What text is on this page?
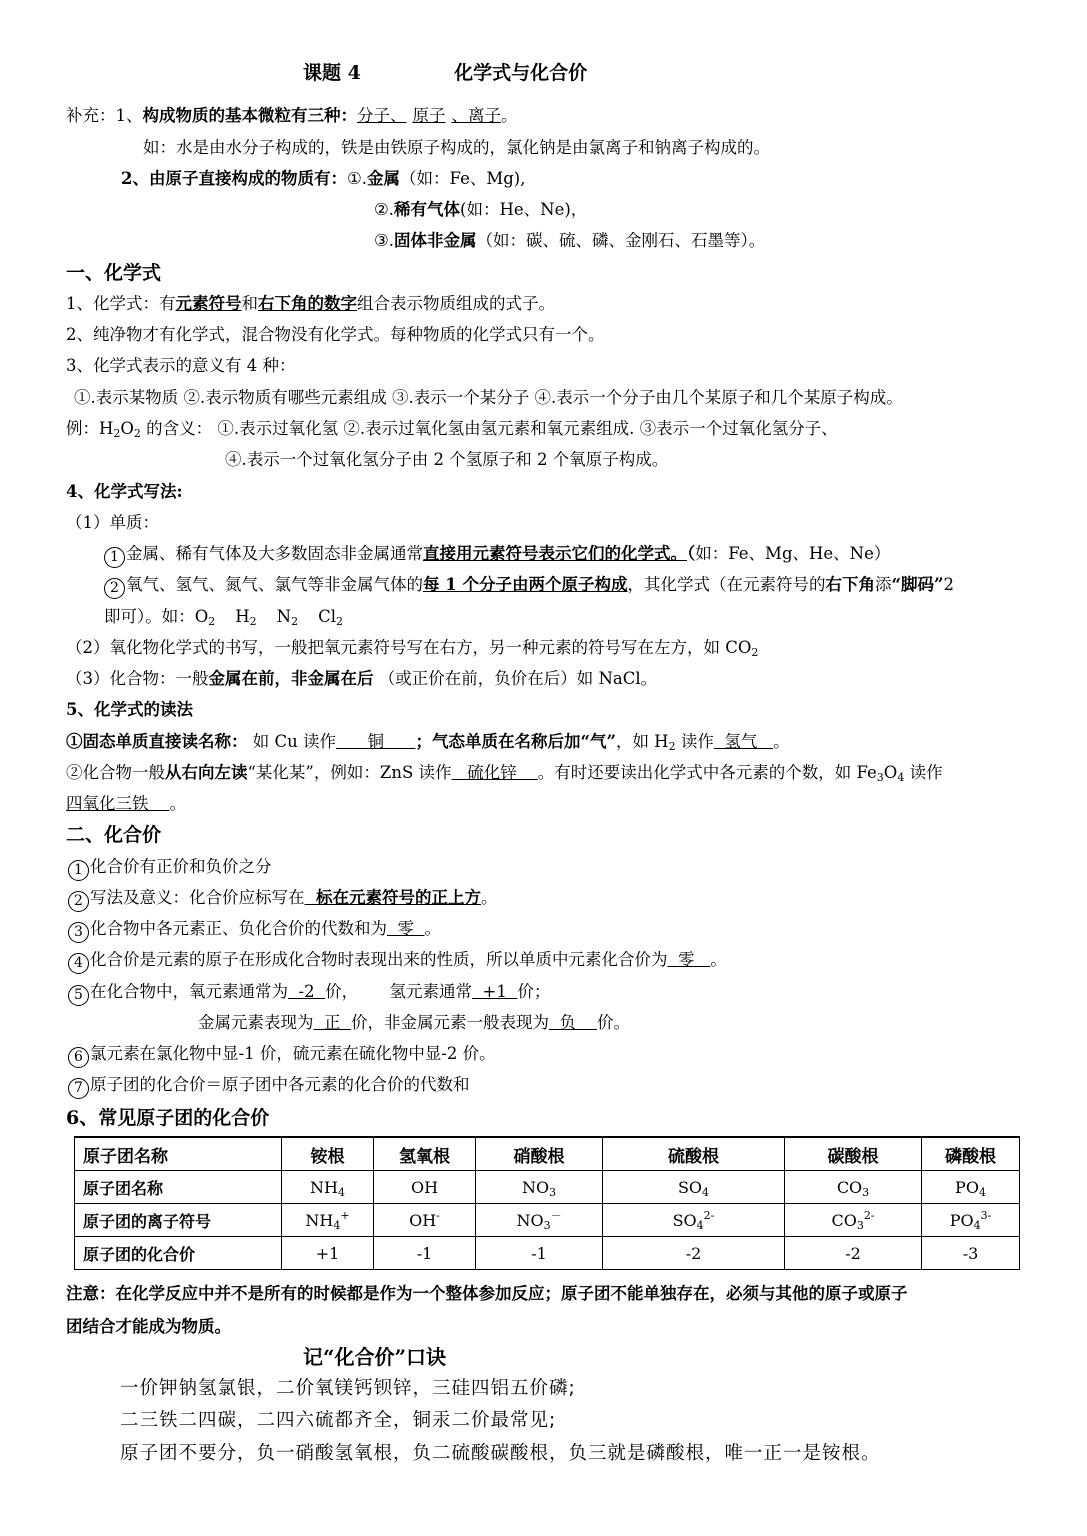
课题 4	化学式与化合价
补充：1、构成物质的基本微粒有三种：分子、 原子 、离子。
如：水是由水分子构成的，铁是由铁原子构成的，氯化钠是由氯离子和钠离子构成的。
2、由原子直接构成的物质有：①.金属（如：Fe、Mg),
②.稀有气体(如：He、Ne)，
③.固体非金属（如：碳、硫、磷、金刚石、石墨等）。
一、化学式
1、化学式：有元素符号和右下角的数字组合表示物质组成的式子。
2、纯净物才有化学式，混合物没有化学式。每种物质的化学式只有一个。
3、化学式表示的意义有 4 种：
①.表示某物质 ②.表示物质有哪些元素组成 ③.表示一个某分子 ④.表示一个分子由几个某原子和几个某原子构成。
例：$H_2O_2$ 的含义： ①.表示过氧化氢 ②.表示过氧化氢由氢元素和氧元素组成. ③表示一个过氧化氢分子、
④.表示一个过氧化氢分子由 2 个氢原子和 2 个氧原子构成。
4、化学式写法:
（1）单质：
1 金属、稀有气体及大多数固态非金属通常直接用元素符号表示它们的化学式。（如：Fe、Mg、He、Ne）
2 氧气、氢气、氮气、氯气等非金属气体的每 1 个分子由两个原子构成，其化学式（在元素符号的右下角添“脚码”2
即可）。如：$O_2$ $H_2$ $N_2$ $Cl_2$
（2）氧化物化学式的书写，一般把氧元素符号写在右方，另一种元素的符号写在左方，如 $CO_2$
（3）化合物：一般金属在前，非金属在后 （或正价在前，负价在后）如 NaCl。
5、化学式的读法
①固态单质直接读名称： 如 Cu 读作      铜      ；气态单质在名称后加“气”，如 $H_2$ 读作  氢气   。
②化合物一般从右向左读“某化某”，例如：ZnS 读作   硫化锌    。有时还要读出化学式中各元素的个数，如 $Fe_3O_4$ 读作
四氧化三铁    。
二、化合价
1 化合价有正价和负价之分
2 写法及意义：化合价应标写在  标在元素符号的正上方。
3 化合物中各元素正、负化合价的代数和为  零  。
4 化合价是元素的原子在形成化合物时表现出来的性质，所以单质中元素化合价为  零   。
5 在化合物中，氧元素通常为  -2  价，      氢元素通常  +1  价；
金属元素表现为  正  价，非金属元素一般表现为  负    价。
6 氯元素在氯化物中显-1 价，硫元素在硫化物中显-2 价。
7 原子团的化合价＝原子团中各元素的化合价的代数和
6、常见原子团的化合价
原子团名称	铵根	氢氧根	硝酸根	硫酸根	碳酸根	磷酸根
原子团名称	$NH_4$	OH	$NO_3$	$SO_4$	$CO_3$	$PO_4$
原子团的离子符号	$NH_4^+$	OH-	$NO_3^-$	$SO_4^{2-}$	$CO_3^{2-}$	$PO_4^{3-}$
原子团的化合价	+1	-1	-1	-2	-2	-3
注意：在化学反应中并不是所有的时候都是作为一个整体参加反应；原子团不能单独存在，必须与其他的原子或原子
团结合才能成为物质。
记“化合价”口诀
一价钾钠氢氯银，二价氧镁钙钡锌，三硅四铝五价磷;
二三铁二四碳，二四六硫都齐全，铜汞二价最常见;
原子团不要分，负一硝酸氢氧根，负二硫酸碳酸根，负三就是磷酸根，唯一正一是铵根。
